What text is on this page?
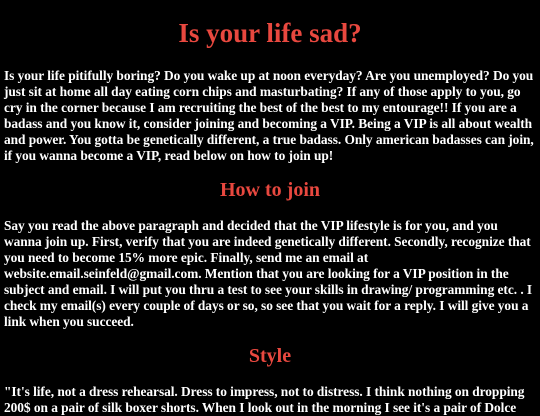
Is your life sad?

Is your life pitifully boring? Do you wake up at noon everyday? Are you unemployed? Do you just sit at home all day eating corn chips and masturbating? If any of those apply to you, go cry in the corner because I am recruiting the best of the best to my entourage!! If you are a badass and you know it, consider joining and becoming a VIP. Being a VIP is all about wealth and power. You gotta be genetically different, a true badass. Only american badasses can join, if you wanna become a VIP, read below on how to join up!

How to join

Say you read the above paragraph and decided that the VIP lifestyle is for you, and you wanna join up. First, verify that you are indeed genetically different. Secondly, recognize that you need to become 15% more epic. Finally, send me an email at website.email.seinfeld@gmail.com. Mention that you are looking for a VIP position in the subject and email. I will put you thru a test to see your skills in drawing/ programming etc. . I check my email(s) every couple of days or so, so see that you wait for a reply. I will give you a link when you succeed.

Style

"It's life, not a dress rehearsal. Dress to impress, not to distress. I think nothing on dropping 200$ on a pair of silk boxer shorts. When I look out in the morning I see it's a pair of Dolce
